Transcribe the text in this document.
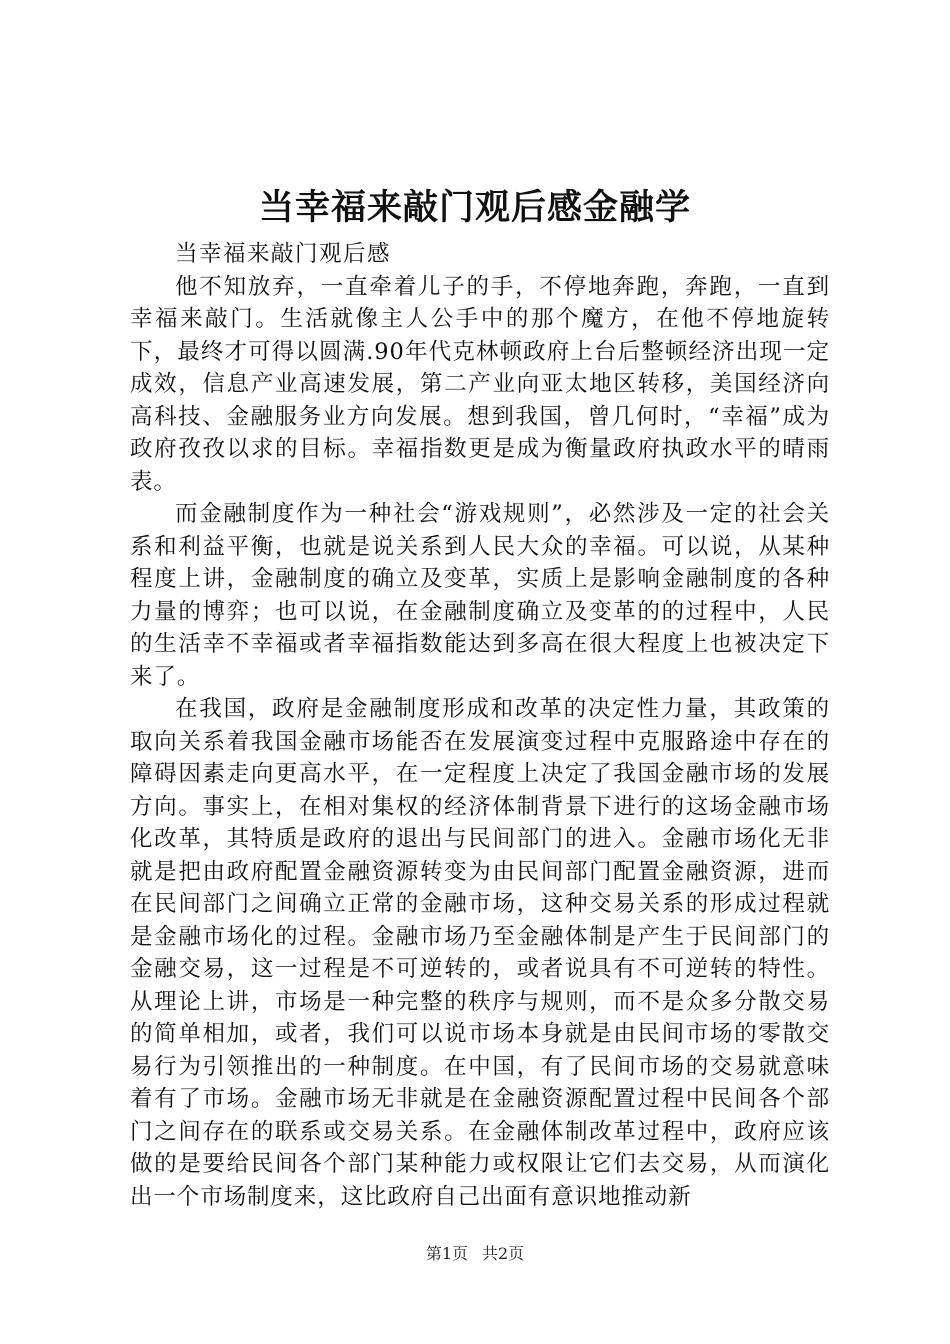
当幸福来敲门观后感金融学

当幸福来敲门观后感

他不知放弃，一直牵着儿子的手，不停地奔跑，奔跑，一直到幸福来敲门。生活就像主人公手中的那个魔方，在他不停地旋转下，最终才可得以圆满.90年代克林顿政府上台后整顿经济出现一定成效，信息产业高速发展，第二产业向亚太地区转移，美国经济向高科技、金融服务业方向发展。想到我国，曾几何时，“幸福”成为政府孜孜以求的目标。幸福指数更是成为衡量政府执政水平的晴雨表。

而金融制度作为一种社会“游戏规则”，必然涉及一定的社会关系和利益平衡，也就是说关系到人民大众的幸福。可以说，从某种程度上讲，金融制度的确立及变革，实质上是影响金融制度的各种力量的博弈；也可以说，在金融制度确立及变革的的过程中，人民的生活幸不幸福或者幸福指数能达到多高在很大程度上也被决定下来了。

在我国，政府是金融制度形成和改革的决定性力量，其政策的取向关系着我国金融市场能否在发展演变过程中克服路途中存在的障碍因素走向更高水平，在一定程度上决定了我国金融市场的发展方向。事实上，在相对集权的经济体制背景下进行的这场金融市场化改革，其特质是政府的退出与民间部门的进入。金融市场化无非就是把由政府配置金融资源转变为由民间部门配置金融资源，进而在民间部门之间确立正常的金融市场，这种交易关系的形成过程就是金融市场化的过程。金融市场乃至金融体制是产生于民间部门的金融交易，这一过程是不可逆转的，或者说具有不可逆转的特性。从理论上讲，市场是一种完整的秩序与规则，而不是众多分散交易的简单相加，或者，我们可以说市场本身就是由民间市场的零散交易行为引领推出的一种制度。在中国，有了民间市场的交易就意味着有了市场。金融市场无非就是在金融资源配置过程中民间各个部门之间存在的联系或交易关系。在金融体制改革过程中，政府应该做的是要给民间各个部门某种能力或权限让它们去交易，从而演化出一个市场制度来，这比政府自己出面有意识地推动新

第1页 共2页
